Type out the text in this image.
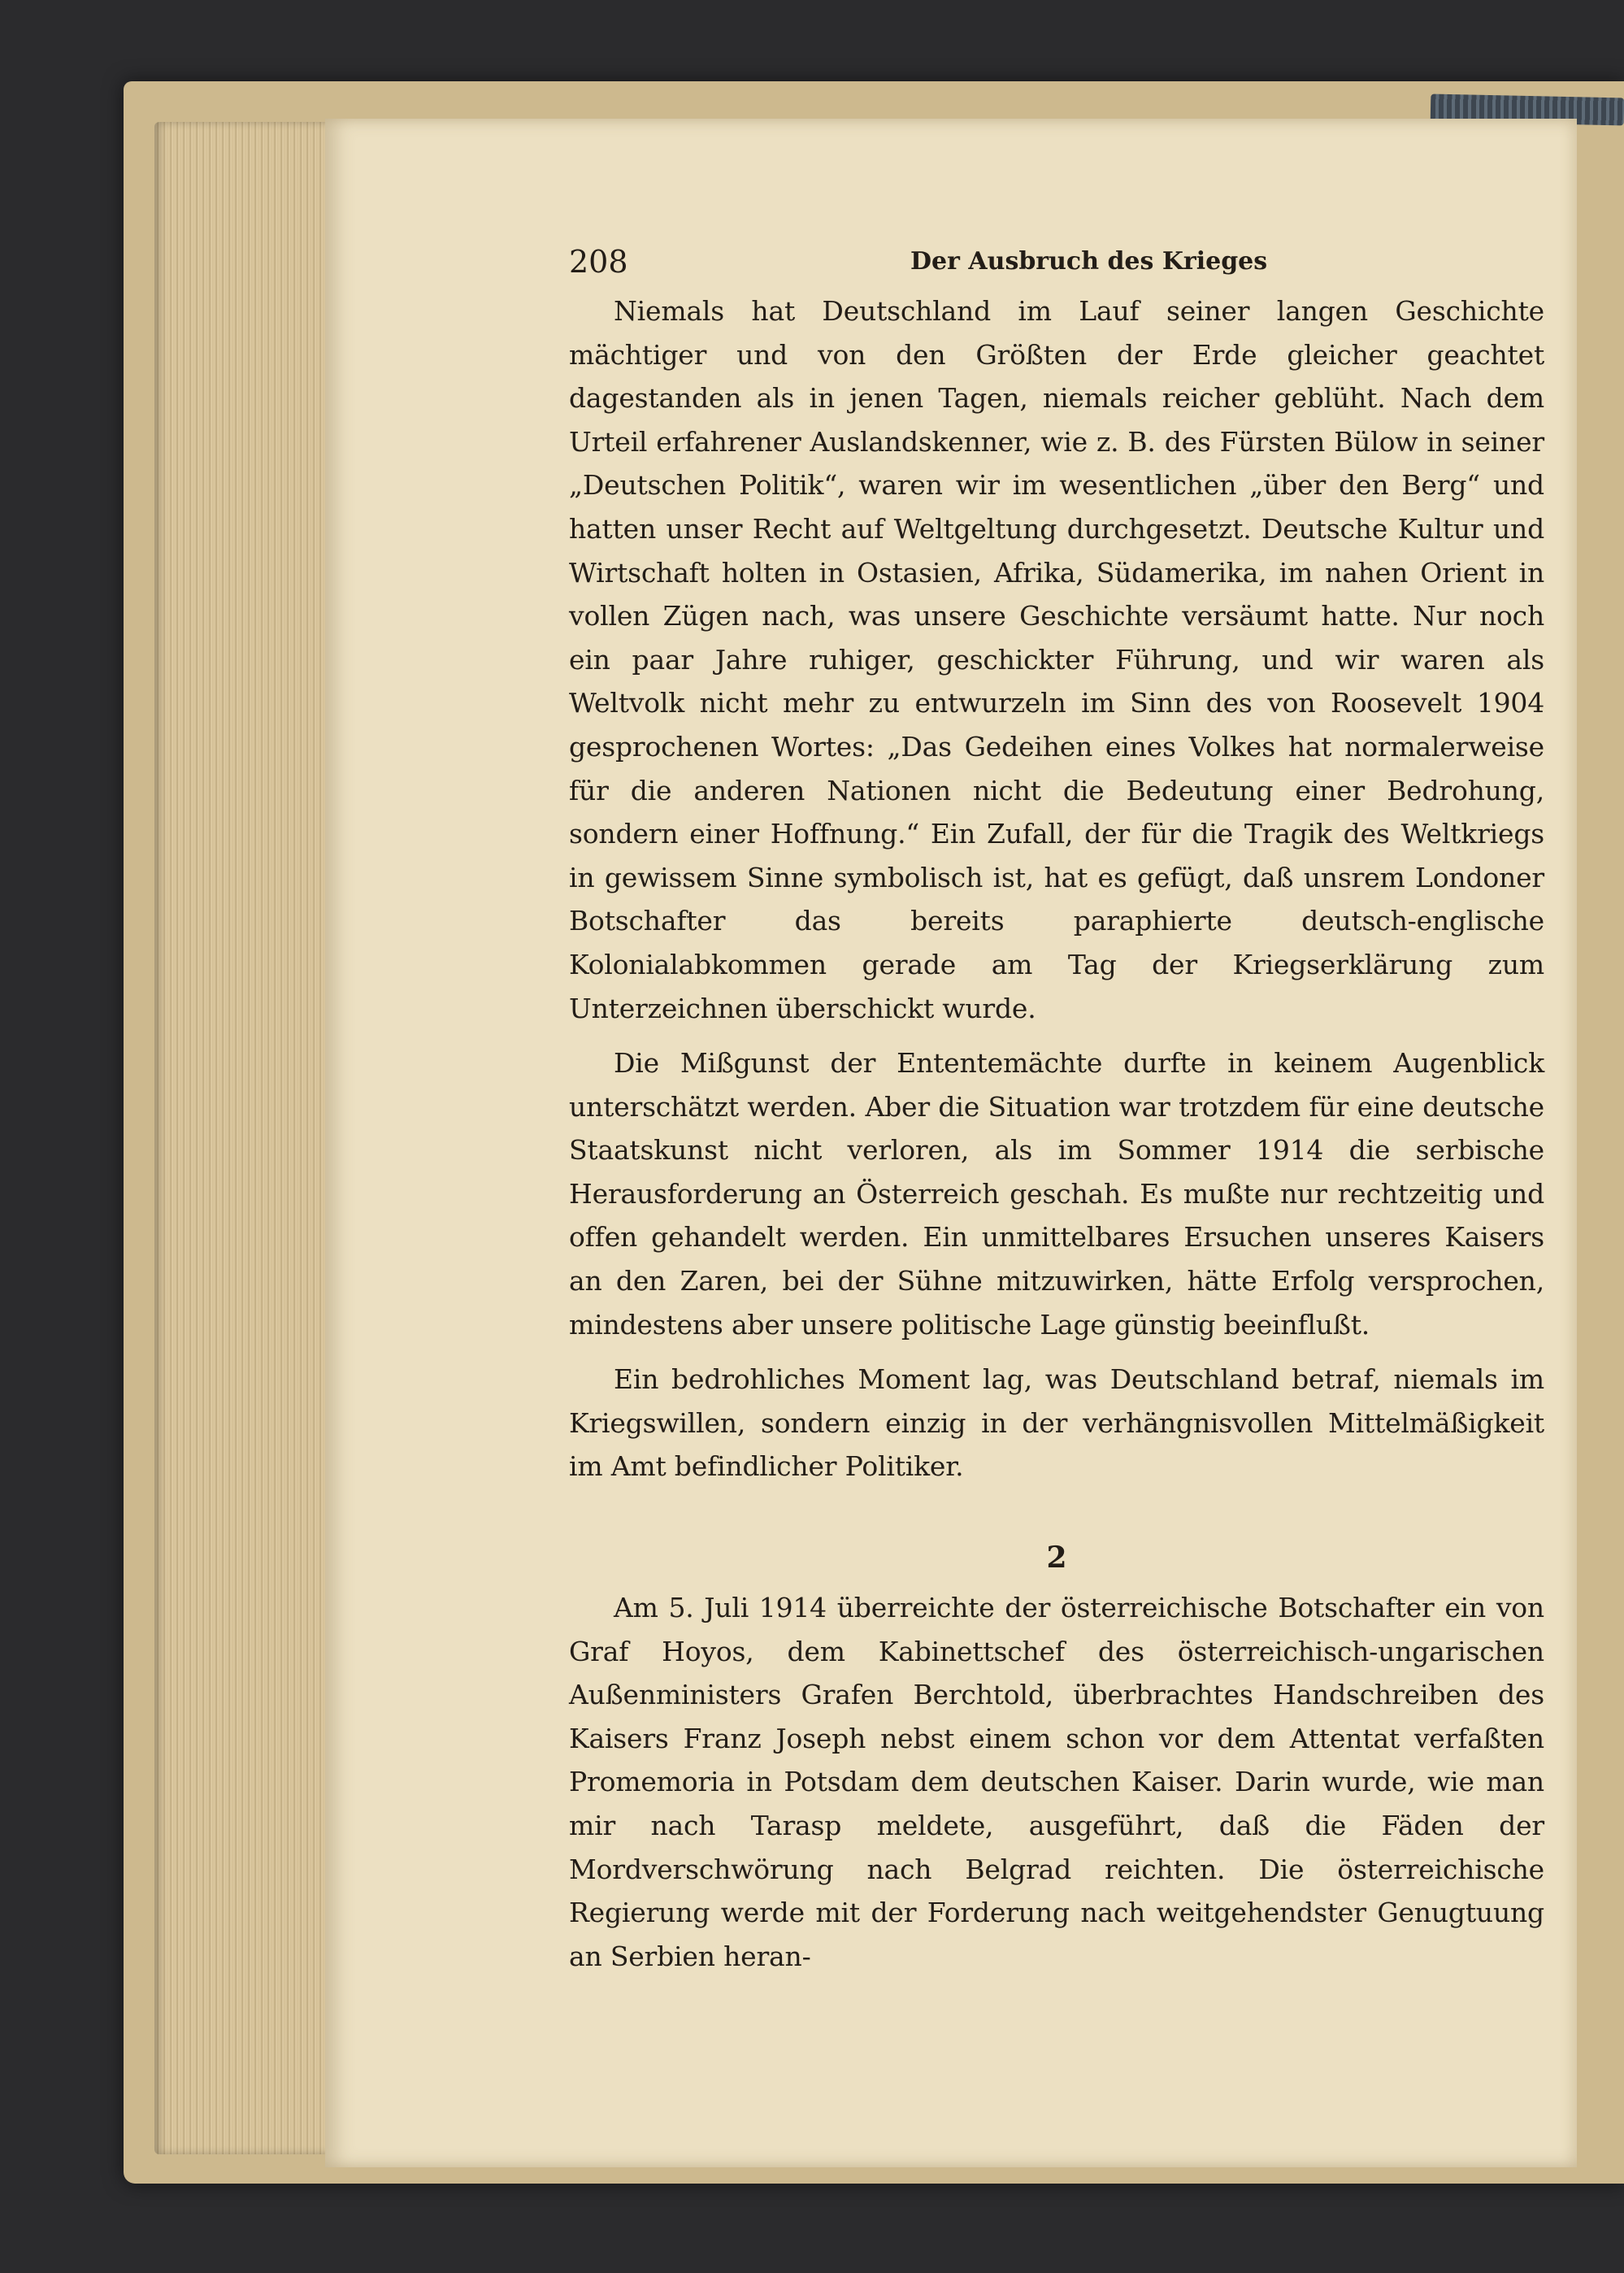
208	Der Ausbruch des Krieges

Niemals hat Deutschland im Lauf seiner langen Geschichte mächtiger und von den Größten der Erde gleicher geachtet dagestanden als in jenen Tagen, niemals reicher geblüht. Nach dem Urteil erfahrener Auslandskenner, wie z. B. des Fürsten Bülow in seiner „Deutschen Politik“, waren wir im wesentlichen „über den Berg“ und hatten unser Recht auf Weltgeltung durchgesetzt. Deutsche Kultur und Wirtschaft holten in Ostasien, Afrika, Südamerika, im nahen Orient in vollen Zügen nach, was unsere Geschichte versäumt hatte. Nur noch ein paar Jahre ruhiger, geschickter Führung, und wir waren als Weltvolk nicht mehr zu entwurzeln im Sinn des von Roosevelt 1904 gesprochenen Wortes: „Das Gedeihen eines Volkes hat normalerweise für die anderen Nationen nicht die Bedeutung einer Bedrohung, sondern einer Hoffnung.“ Ein Zufall, der für die Tragik des Weltkriegs in gewissem Sinne symbolisch ist, hat es gefügt, daß unsrem Londoner Botschafter das bereits paraphierte deutsch-englische Kolonialabkommen gerade am Tag der Kriegserklärung zum Unterzeichnen überschickt wurde.

Die Mißgunst der Ententemächte durfte in keinem Augenblick unterschätzt werden. Aber die Situation war trotzdem für eine deutsche Staatskunst nicht verloren, als im Sommer 1914 die serbische Herausforderung an Österreich geschah. Es mußte nur rechtzeitig und offen gehandelt werden. Ein unmittelbares Ersuchen unseres Kaisers an den Zaren, bei der Sühne mitzuwirken, hätte Erfolg versprochen, mindestens aber unsere politische Lage günstig beeinflußt.

Ein bedrohliches Moment lag, was Deutschland betraf, niemals im Kriegswillen, sondern einzig in der verhängnisvollen Mittelmäßigkeit im Amt befindlicher Politiker.

2

Am 5. Juli 1914 überreichte der österreichische Botschafter ein von Graf Hoyos, dem Kabinettschef des österreichisch-ungarischen Außenministers Grafen Berchtold, überbrachtes Handschreiben des Kaisers Franz Joseph nebst einem schon vor dem Attentat verfaßten Promemoria in Potsdam dem deutschen Kaiser. Darin wurde, wie man mir nach Tarasp meldete, ausgeführt, daß die Fäden der Mordverschwörung nach Belgrad reichten. Die österreichische Regierung werde mit der Forderung nach weitgehendster Genugtuung an Serbien heran-
